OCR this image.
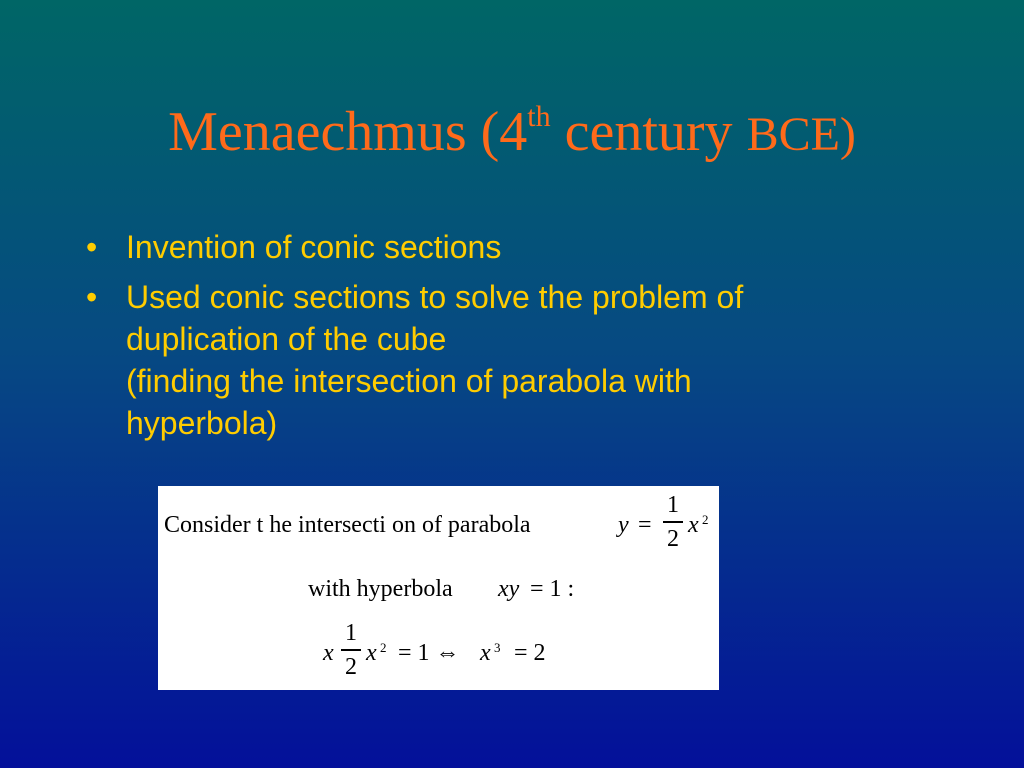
Menaechmus (4th century BCE)
• Invention of conic sections
• Used conic sections to solve the problem of
duplication of the cube
(finding the intersection of parabola with
hyperbola)
Consider t he intersecti on of parabola	y =
1
2
x 2
with hyperbola xy = 1 :
x
1
2
x 2 = 1 ⇔ x 3 = 2
